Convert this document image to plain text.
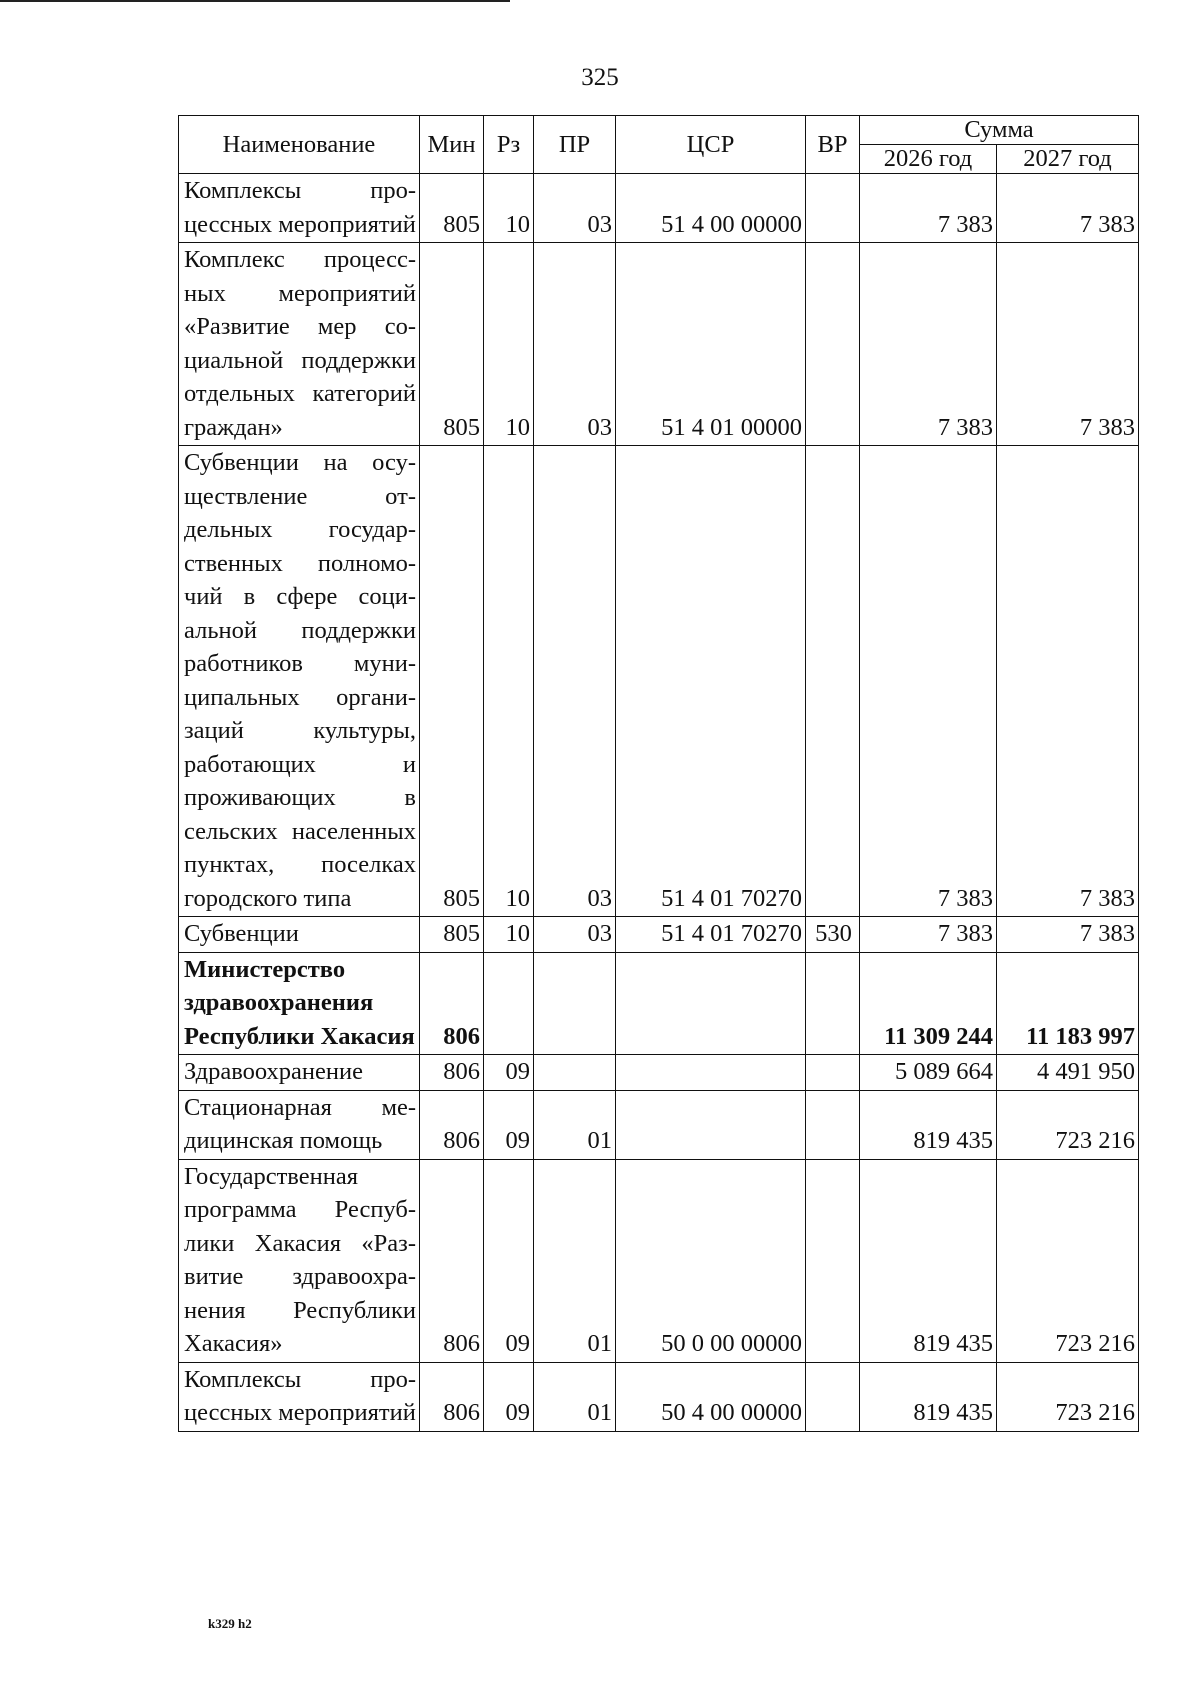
325
Наименование	Мин	Рз	ПР	ЦСР	ВР	Сумма	
						2026 год	2027 год
Комплексы процессных мероприятий	805	10	03	51 4 00 00000		7 383	7 383
Комплекс процессных мероприятий «Развитие мер социальной поддержки отдельных категорий граждан»	805	10	03	51 4 01 00000		7 383	7 383
Субвенции на осуществление отдельных государственных полномочий в сфере социальной поддержки работников муниципальных организаций культуры, работающих и проживающих в сельских населенных пунктах, поселках городского типа	805	10	03	51 4 01 70270		7 383	7 383
Субвенции	805	10	03	51 4 01 70270	530	7 383	7 383
Министерство здравоохранения Республики Хакасия	806					11 309 244	11 183 997
Здравоохранение	806	09				5 089 664	4 491 950
Стационарная медицинская помощь	806	09	01			819 435	723 216
Государственная программа Республики Хакасия «Развитие здравоохранения Республики Хакасия»	806	09	01	50 0 00 00000		819 435	723 216
Комплексы процессных мероприятий	806	09	01	50 4 00 00000		819 435	723 216
k329 h2
